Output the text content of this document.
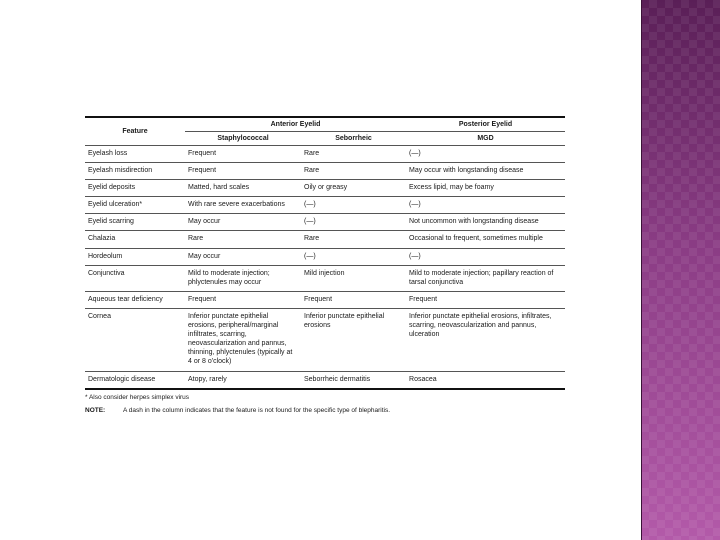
Feature	Anterior Eyelid		Posterior Eyelid
	Staphylococcal	Seborrheic	MGD
Eyelash loss	Frequent	Rare	(—)
Eyelash misdirection	Frequent	Rare	May occur with longstanding disease
Eyelid deposits	Matted, hard scales	Oily or greasy	Excess lipid, may be foamy
Eyelid ulceration*	With rare severe exacerbations	(—)	(—)
Eyelid scarring	May occur	(—)	Not uncommon with longstanding disease
Chalazia	Rare	Rare	Occasional to frequent, sometimes multiple
Hordeolum	May occur	(—)	(—)
Conjunctiva	Mild to moderate injection; phlyctenules may occur	Mild injection	Mild to moderate injection; papillary reaction of tarsal conjunctiva
Aqueous tear deficiency	Frequent	Frequent	Frequent
Cornea	Inferior punctate epithelial erosions, peripheral/marginal infiltrates, scarring, neovascularization and pannus, thinning, phlyctenules (typically at 4 or 8 o'clock)	Inferior punctate epithelial erosions	Inferior punctate epithelial erosions, infiltrates, scarring, neovascularization and pannus, ulceration
Dermatologic disease	Atopy, rarely	Seborrheic dermatitis	Rosacea
* Also consider herpes simplex virus
NOTE:	A dash in the column indicates that the feature is not found for the specific type of blepharitis.
